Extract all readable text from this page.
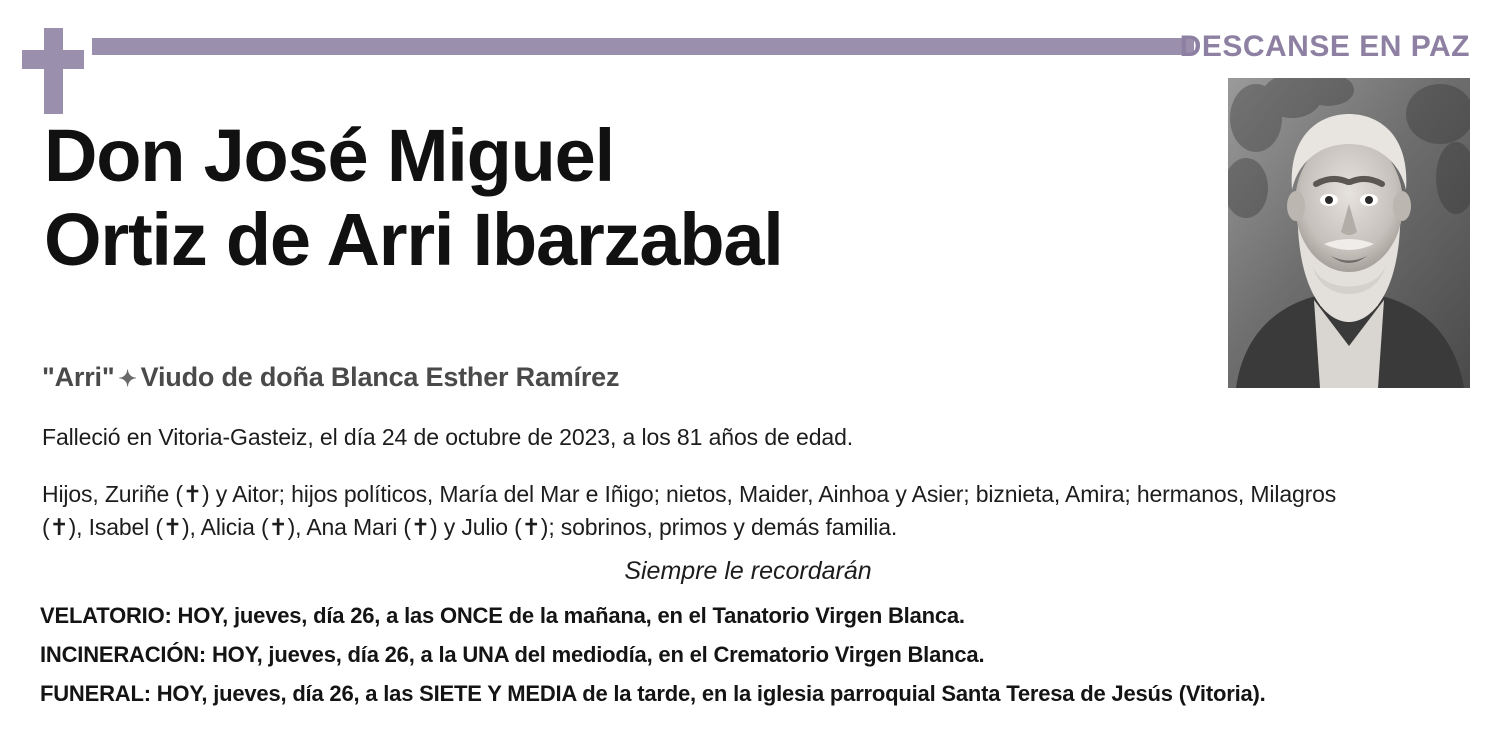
DESCANSE EN PAZ
Don José Miguel
Ortiz de Arri Ibarzabal
"Arri" ✦ Viudo de doña Blanca Esther Ramírez
Falleció en Vitoria-Gasteiz, el día 24 de octubre de 2023, a los 81 años de edad.
Hijos, Zuriñe (✝) y Aitor; hijos políticos, María del Mar e Iñigo; nietos, Maider, Ainhoa y Asier; biznieta, Amira; hermanos, Milagros (✝), Isabel (✝), Alicia (✝), Ana Mari (✝) y Julio (✝); sobrinos, primos y demás familia.
Siempre le recordarán
VELATORIO: HOY, jueves, día 26, a las ONCE de la mañana, en el Tanatorio Virgen Blanca.
INCINERACIÓN: HOY, jueves, día 26, a la UNA del mediodía, en el Crematorio Virgen Blanca.
FUNERAL: HOY, jueves, día 26, a las SIETE Y MEDIA de la tarde, en la iglesia parroquial Santa Teresa de Jesús (Vitoria).
